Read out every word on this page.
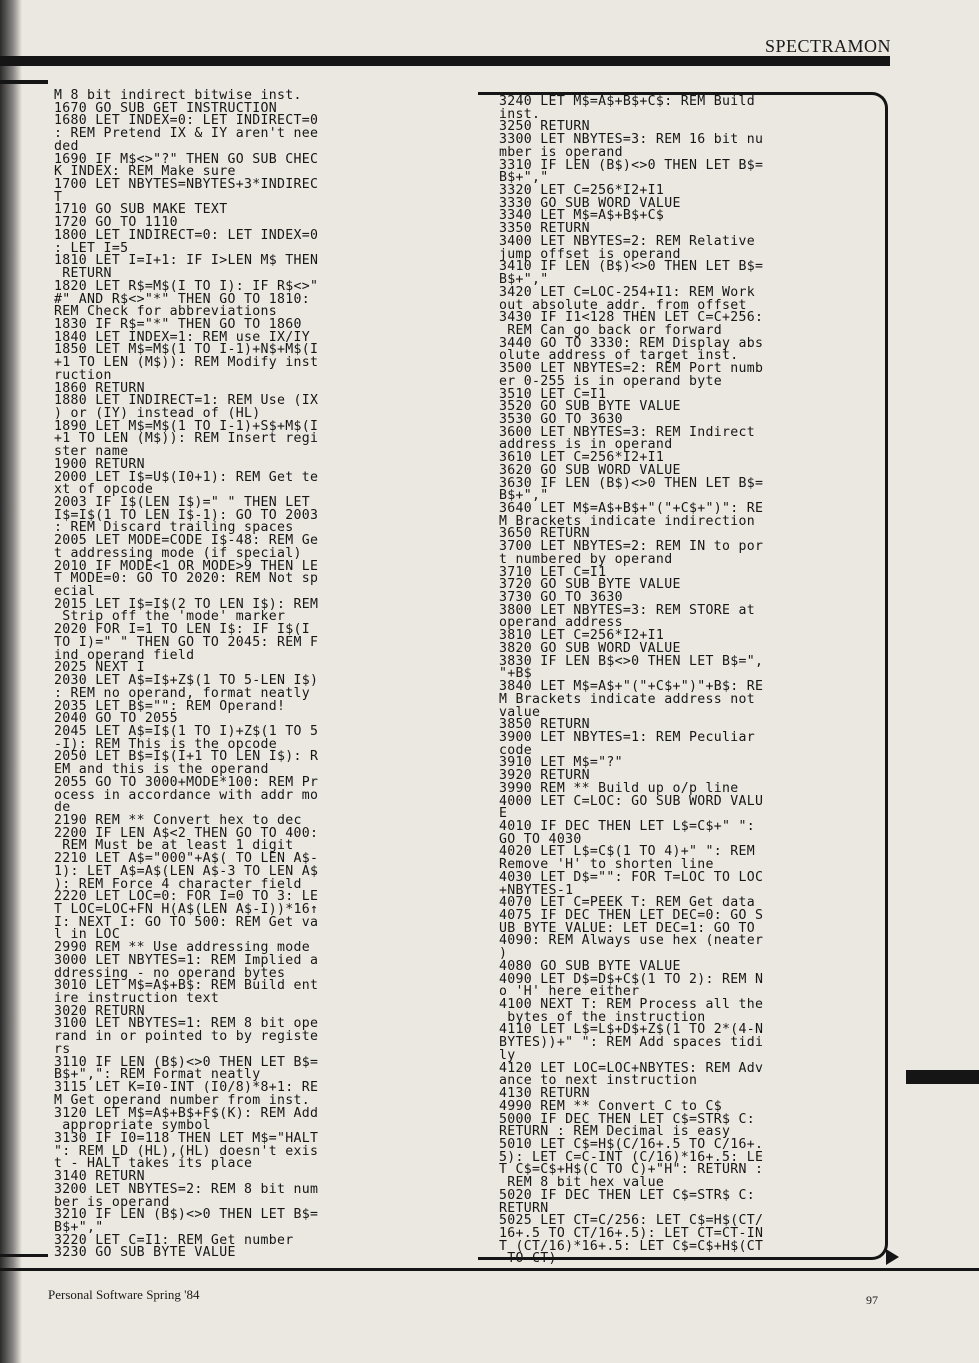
SPECTRAMON
M 8 bit indirect bitwise inst.
1670 GO SUB GET INSTRUCTION
1680 LET INDEX=0: LET INDIRECT=0
: REM Pretend IX & IY aren't nee
ded
1690 IF M$<>"?" THEN GO SUB CHEC
K INDEX: REM Make sure
1700 LET NBYTES=NBYTES+3*INDIREC
T
1710 GO SUB MAKE TEXT
1720 GO TO 1110
1800 LET INDIRECT=0: LET INDEX=0
: LET I=5
1810 LET I=I+1: IF I>LEN M$ THEN
RETURN
1820 LET R$=M$(I TO I): IF R$<>"
#" AND R$<>"*" THEN GO TO 1810:
REM Check for abbreviations
1830 IF R$="*" THEN GO TO 1860
1840 LET INDEX=1: REM use IX/IY
1850 LET M$=M$(1 TO I-1)+N$+M$(I
+1 TO LEN (M$)): REM Modify inst
ruction
1860 RETURN
1880 LET INDIRECT=1: REM Use (IX
) or (IY) instead of (HL)
1890 LET M$=M$(1 TO I-1)+S$+M$(I
+1 TO LEN (M$)): REM Insert regi
ster name
1900 RETURN
2000 LET I$=U$(I0+1): REM Get te
xt of opcode
2003 IF I$(LEN I$)=" " THEN LET
I$=I$(1 TO LEN I$-1): GO TO 2003
: REM Discard trailing spaces
2005 LET MODE=CODE I$-48: REM Ge
t addressing mode (if special)
2010 IF MODE<1 OR MODE>9 THEN LE
T MODE=0: GO TO 2020: REM Not sp
ecial
2015 LET I$=I$(2 TO LEN I$): REM
Strip off the 'mode' marker
2020 FOR I=1 TO LEN I$: IF I$(I
TO I)=" " THEN GO TO 2045: REM F
ind operand field
2025 NEXT I
2030 LET A$=I$+Z$(1 TO 5-LEN I$)
: REM no operand, format neatly
2035 LET B$="": REM Operand!
2040 GO TO 2055
2045 LET A$=I$(1 TO I)+Z$(1 TO 5
-I): REM This is the opcode
2050 LET B$=I$(I+1 TO LEN I$): R
EM and this is the operand
2055 GO TO 3000+MODE*100: REM Pr
ocess in accordance with addr mo
de
2190 REM ** Convert hex to dec
2200 IF LEN A$<2 THEN GO TO 400:
REM Must be at least 1 digit
2210 LET A$="000"+A$( TO LEN A$-
1): LET A$=A$(LEN A$-3 TO LEN A$
): REM Force 4 character field
2220 LET LOC=0: FOR I=0 TO 3: LE
T LOC=LOC+FN H(A$(LEN A$-I))*16↑
I: NEXT I: GO TO 500: REM Get va
l in LOC
2990 REM ** Use addressing mode
3000 LET NBYTES=1: REM Implied a
ddressing - no operand bytes
3010 LET M$=A$+B$: REM Build ent
ire instruction text
3020 RETURN
3100 LET NBYTES=1: REM 8 bit ope
rand in or pointed to by registe
rs
3110 IF LEN (B$)<>0 THEN LET B$=
B$+",": REM Format neatly
3115 LET K=I0-INT (I0/8)*8+1: RE
M Get operand number from inst.
3120 LET M$=A$+B$+F$(K): REM Add
appropriate symbol
3130 IF I0=118 THEN LET M$="HALT
": REM LD (HL),(HL) doesn't exis
t - HALT takes its place
3140 RETURN
3200 LET NBYTES=2: REM 8 bit num
ber is operand
3210 IF LEN (B$)<>0 THEN LET B$=
B$+","
3220 LET C=I1: REM Get number
3230 GO SUB BYTE VALUE
3240 LET M$=A$+B$+C$: REM Build
inst.
3250 RETURN
3300 LET NBYTES=3: REM 16 bit nu
mber is operand
3310 IF LEN (B$)<>0 THEN LET B$=
B$+","
3320 LET C=256*I2+I1
3330 GO SUB WORD VALUE
3340 LET M$=A$+B$+C$
3350 RETURN
3400 LET NBYTES=2: REM Relative
jump offset is operand
3410 IF LEN (B$)<>0 THEN LET B$=
B$+","
3420 LET C=LOC-254+I1: REM Work
out absolute addr. from offset
3430 IF I1<128 THEN LET C=C+256:
REM Can go back or forward
3440 GO TO 3330: REM Display abs
olute address of target inst.
3500 LET NBYTES=2: REM Port numb
er 0-255 is in operand byte
3510 LET C=I1
3520 GO SUB BYTE VALUE
3530 GO TO 3630
3600 LET NBYTES=3: REM Indirect
address is in operand
3610 LET C=256*I2+I1
3620 GO SUB WORD VALUE
3630 IF LEN (B$)<>0 THEN LET B$=
B$+","
3640 LET M$=A$+B$+"("+C$+")": RE
M Brackets indicate indirection
3650 RETURN
3700 LET NBYTES=2: REM IN to por
t numbered by operand
3710 LET C=I1
3720 GO SUB BYTE VALUE
3730 GO TO 3630
3800 LET NBYTES=3: REM STORE at
operand address
3810 LET C=256*I2+I1
3820 GO SUB WORD VALUE
3830 IF LEN B$<>0 THEN LET B$=",
"+B$
3840 LET M$=A$+"("+C$+")"+B$: RE
M Brackets indicate address not
value
3850 RETURN
3900 LET NBYTES=1: REM Peculiar
code
3910 LET M$="?"
3920 RETURN
3990 REM ** Build up o/p line
4000 LET C=LOC: GO SUB WORD VALU
E
4010 IF DEC THEN LET L$=C$+" ":
GO TO 4030
4020 LET L$=C$(1 TO 4)+" ": REM
Remove 'H' to shorten line
4030 LET D$="": FOR T=LOC TO LOC
+NBYTES-1
4070 LET C=PEEK T: REM Get data
4075 IF DEC THEN LET DEC=0: GO S
UB BYTE VALUE: LET DEC=1: GO TO
4090: REM Always use hex (neater
)
4080 GO SUB BYTE VALUE
4090 LET D$=D$+C$(1 TO 2): REM N
o 'H' here either
4100 NEXT T: REM Process all the
bytes of the instruction
4110 LET L$=L$+D$+Z$(1 TO 2*(4-N
BYTES))+" ": REM Add spaces tidi
ly
4120 LET LOC=LOC+NBYTES: REM Adv
ance to next instruction
4130 RETURN
4990 REM ** Convert C to C$
5000 IF DEC THEN LET C$=STR$ C:
RETURN : REM Decimal is easy
5010 LET C$=H$(C/16+.5 TO C/16+.
5): LET C=C-INT (C/16)*16+.5: LE
T C$=C$+H$(C TO C)+"H": RETURN :
REM 8 bit hex value
5020 IF DEC THEN LET C$=STR$ C:
RETURN
5025 LET CT=C/256: LET C$=H$(CT/
16+.5 TO CT/16+.5): LET CT=CT-IN
T (CT/16)*16+.5: LET C$=C$+H$(CT
TO CT)
Personal Software Spring '84	97
